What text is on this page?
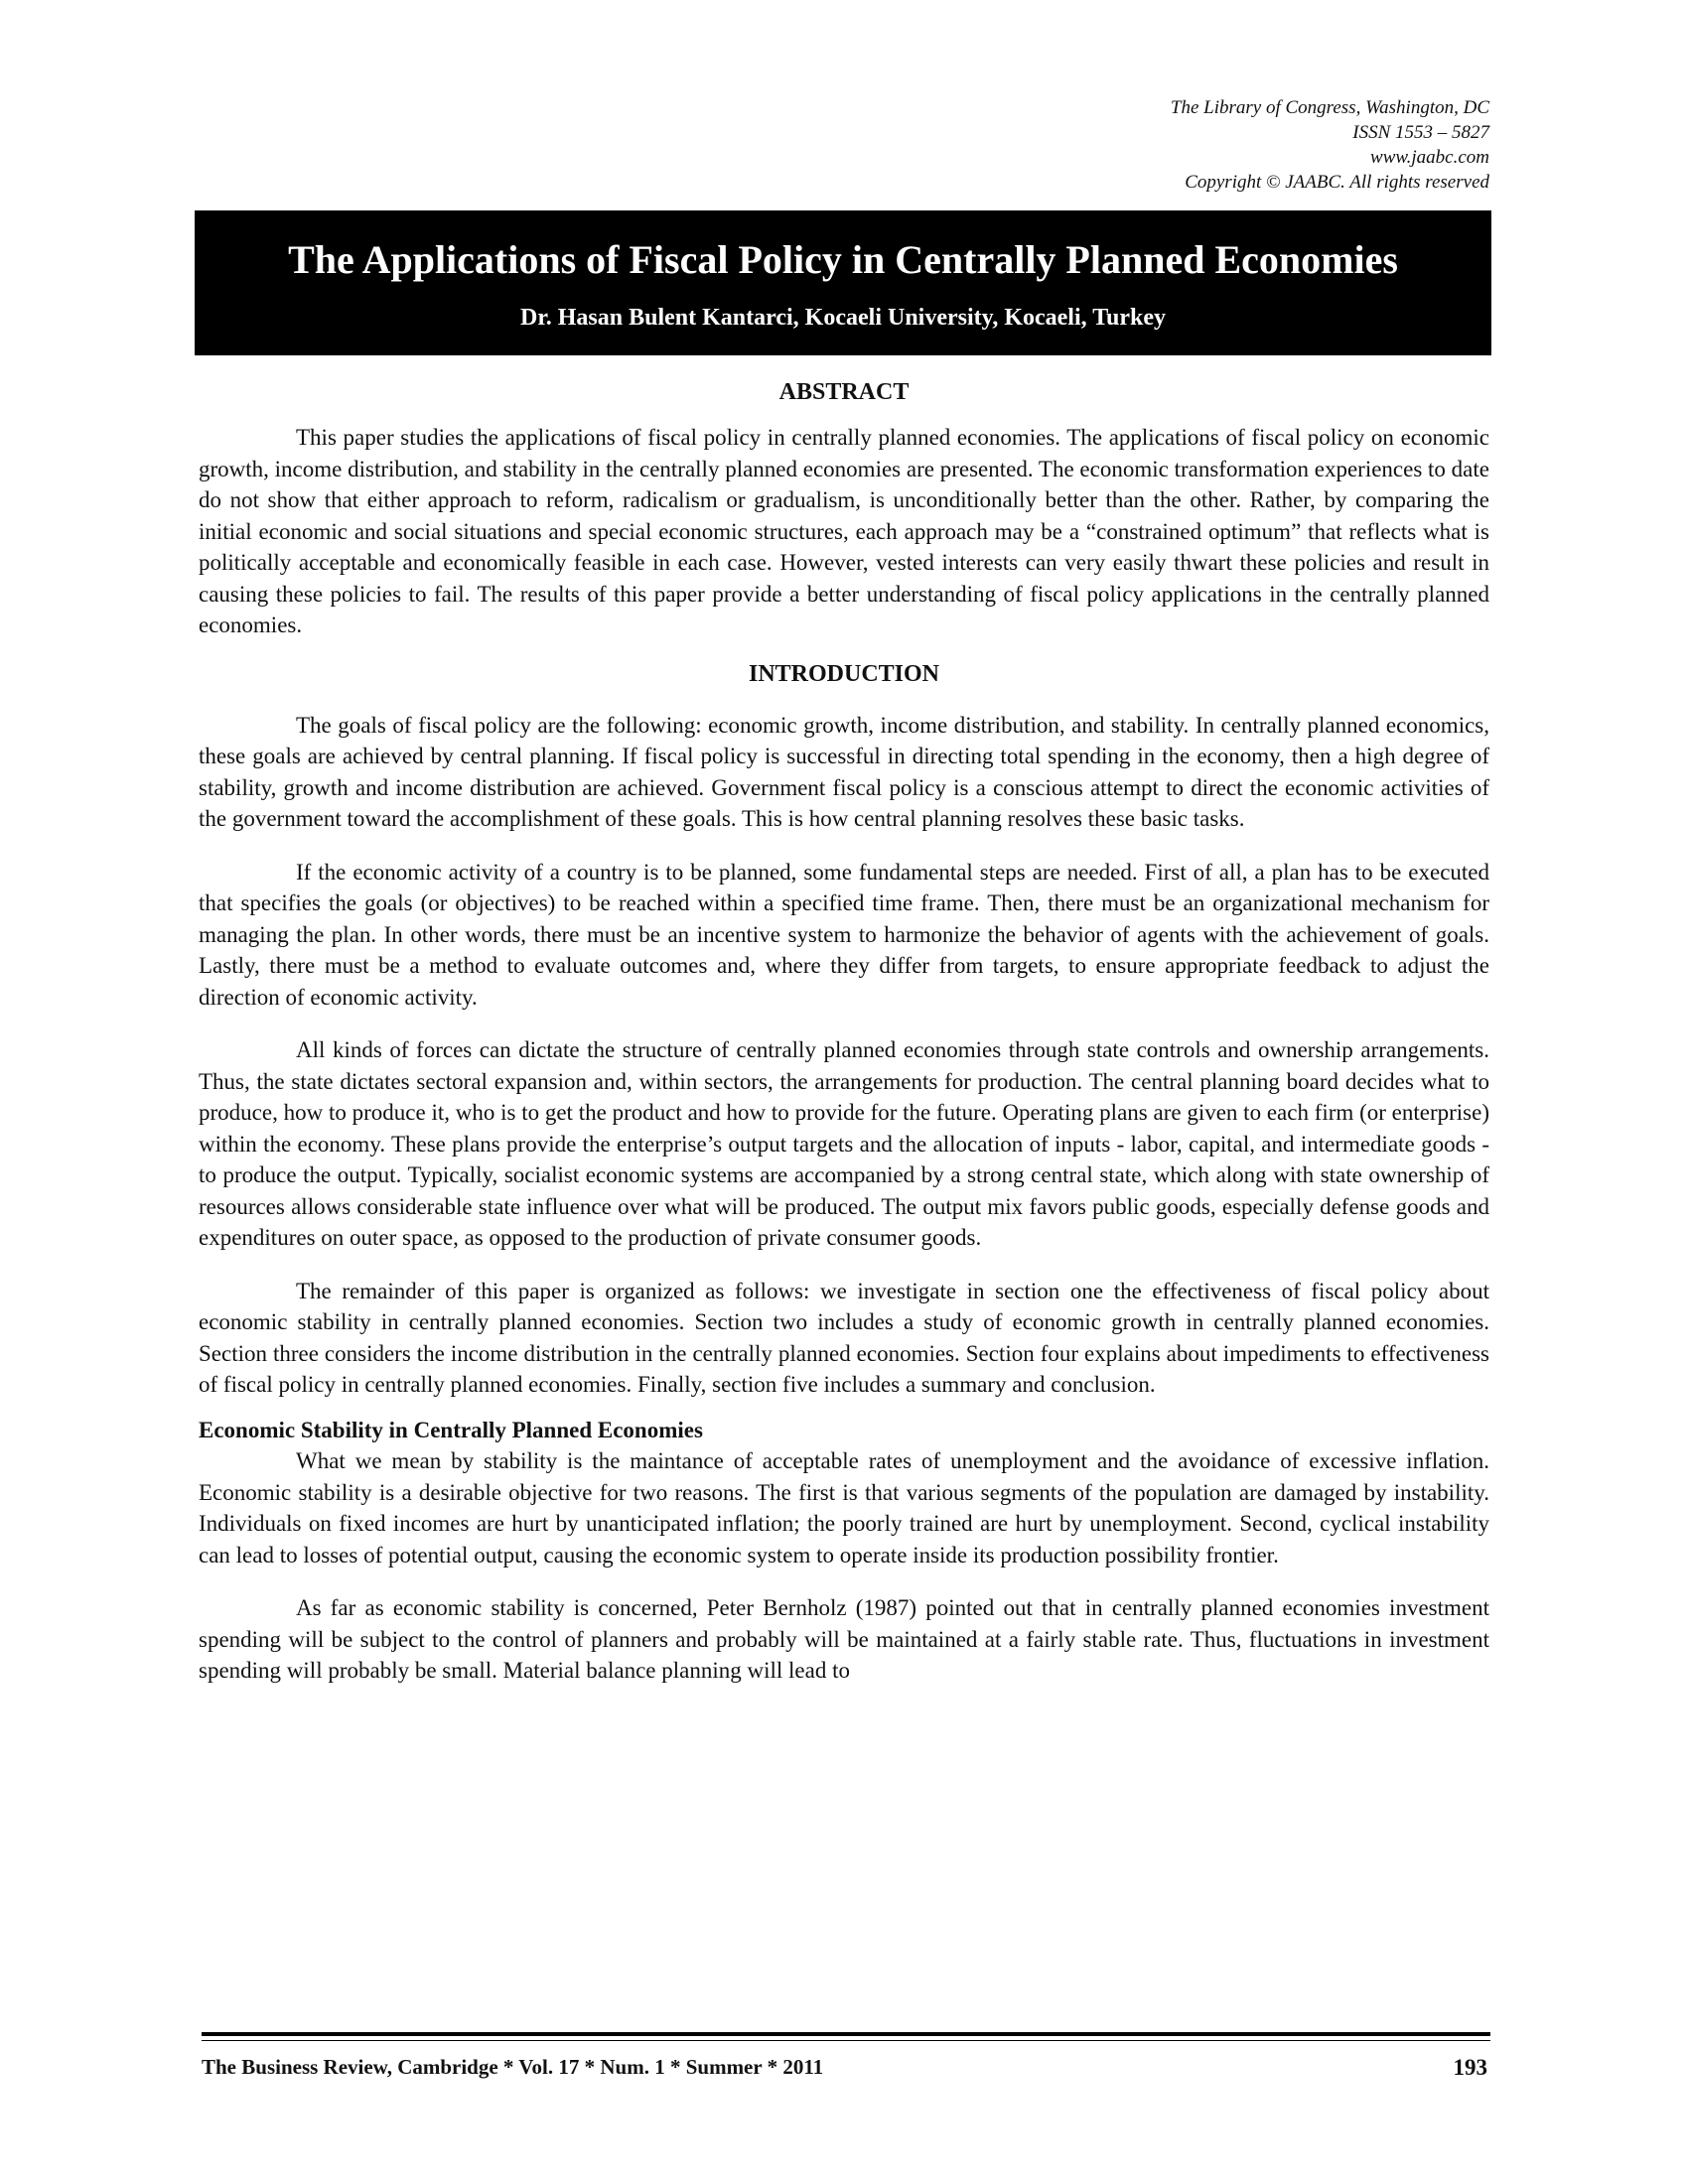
The Library of Congress, Washington, DC
ISSN 1553 – 5827
www.jaabc.com
Copyright © JAABC. All rights reserved
The Applications of Fiscal Policy in Centrally Planned Economies
Dr. Hasan Bulent Kantarci, Kocaeli University, Kocaeli, Turkey
ABSTRACT

This paper studies the applications of fiscal policy in centrally planned economies. The applications of fiscal policy on economic growth, income distribution, and stability in the centrally planned economies are presented. The economic transformation experiences to date do not show that either approach to reform, radicalism or gradualism, is unconditionally better than the other. Rather, by comparing the initial economic and social situations and special economic structures, each approach may be a “constrained optimum” that reflects what is politically acceptable and economically feasible in each case. However, vested interests can very easily thwart these policies and result in causing these policies to fail. The results of this paper provide a better understanding of fiscal policy applications in the centrally planned economies.

INTRODUCTION

The goals of fiscal policy are the following: economic growth, income distribution, and stability. In centrally planned economics, these goals are achieved by central planning. If fiscal policy is successful in directing total spending in the economy, then a high degree of stability, growth and income distribution are achieved. Government fiscal policy is a conscious attempt to direct the economic activities of the government toward the accomplishment of these goals. This is how central planning resolves these basic tasks.

If the economic activity of a country is to be planned, some fundamental steps are needed. First of all, a plan has to be executed that specifies the goals (or objectives) to be reached within a specified time frame. Then, there must be an organizational mechanism for managing the plan. In other words, there must be an incentive system to harmonize the behavior of agents with the achievement of goals. Lastly, there must be a method to evaluate outcomes and, where they differ from targets, to ensure appropriate feedback to adjust the direction of economic activity.

All kinds of forces can dictate the structure of centrally planned economies through state controls and ownership arrangements. Thus, the state dictates sectoral expansion and, within sectors, the arrangements for production. The central planning board decides what to produce, how to produce it, who is to get the product and how to provide for the future. Operating plans are given to each firm (or enterprise) within the economy. These plans provide the enterprise’s output targets and the allocation of inputs - labor, capital, and intermediate goods - to produce the output. Typically, socialist economic systems are accompanied by a strong central state, which along with state ownership of resources allows considerable state influence over what will be produced. The output mix favors public goods, especially defense goods and expenditures on outer space, as opposed to the production of private consumer goods.

The remainder of this paper is organized as follows: we investigate in section one the effectiveness of fiscal policy about economic stability in centrally planned economies. Section two includes a study of economic growth in centrally planned economies. Section three considers the income distribution in the centrally planned economies. Section four explains about impediments to effectiveness of fiscal policy in centrally planned economies. Finally, section five includes a summary and conclusion.

Economic Stability in Centrally Planned Economies

What we mean by stability is the maintance of acceptable rates of unemployment and the avoidance of excessive inflation. Economic stability is a desirable objective for two reasons. The first is that various segments of the population are damaged by instability. Individuals on fixed incomes are hurt by unanticipated inflation; the poorly trained are hurt by unemployment. Second, cyclical instability can lead to losses of potential output, causing the economic system to operate inside its production possibility frontier.

As far as economic stability is concerned, Peter Bernholz (1987) pointed out that in centrally planned economies investment spending will be subject to the control of planners and probably will be maintained at a fairly stable rate. Thus, fluctuations in investment spending will probably be small. Material balance planning will lead to

The Business Review, Cambridge * Vol. 17 * Num. 1 * Summer * 2011	193
